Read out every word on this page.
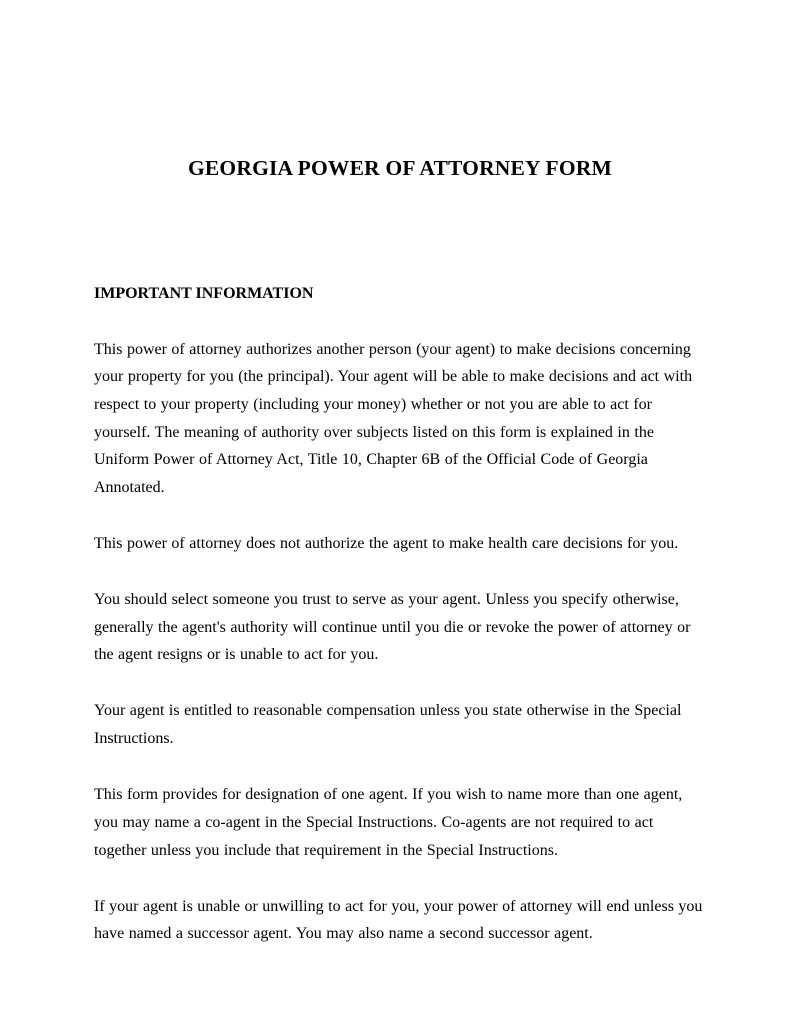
GEORGIA POWER OF ATTORNEY FORM
IMPORTANT INFORMATION

This power of attorney authorizes another person (your agent) to make decisions concerning your property for you (the principal). Your agent will be able to make decisions and act with respect to your property (including your money) whether or not you are able to act for yourself. The meaning of authority over subjects listed on this form is explained in the Uniform Power of Attorney Act, Title 10, Chapter 6B of the Official Code of Georgia Annotated.

This power of attorney does not authorize the agent to make health care decisions for you.

You should select someone you trust to serve as your agent. Unless you specify otherwise, generally the agent's authority will continue until you die or revoke the power of attorney or the agent resigns or is unable to act for you.

Your agent is entitled to reasonable compensation unless you state otherwise in the Special Instructions.

This form provides for designation of one agent. If you wish to name more than one agent, you may name a co-agent in the Special Instructions. Co-agents are not required to act together unless you include that requirement in the Special Instructions.

If your agent is unable or unwilling to act for you, your power of attorney will end unless you have named a successor agent. You may also name a second successor agent.
